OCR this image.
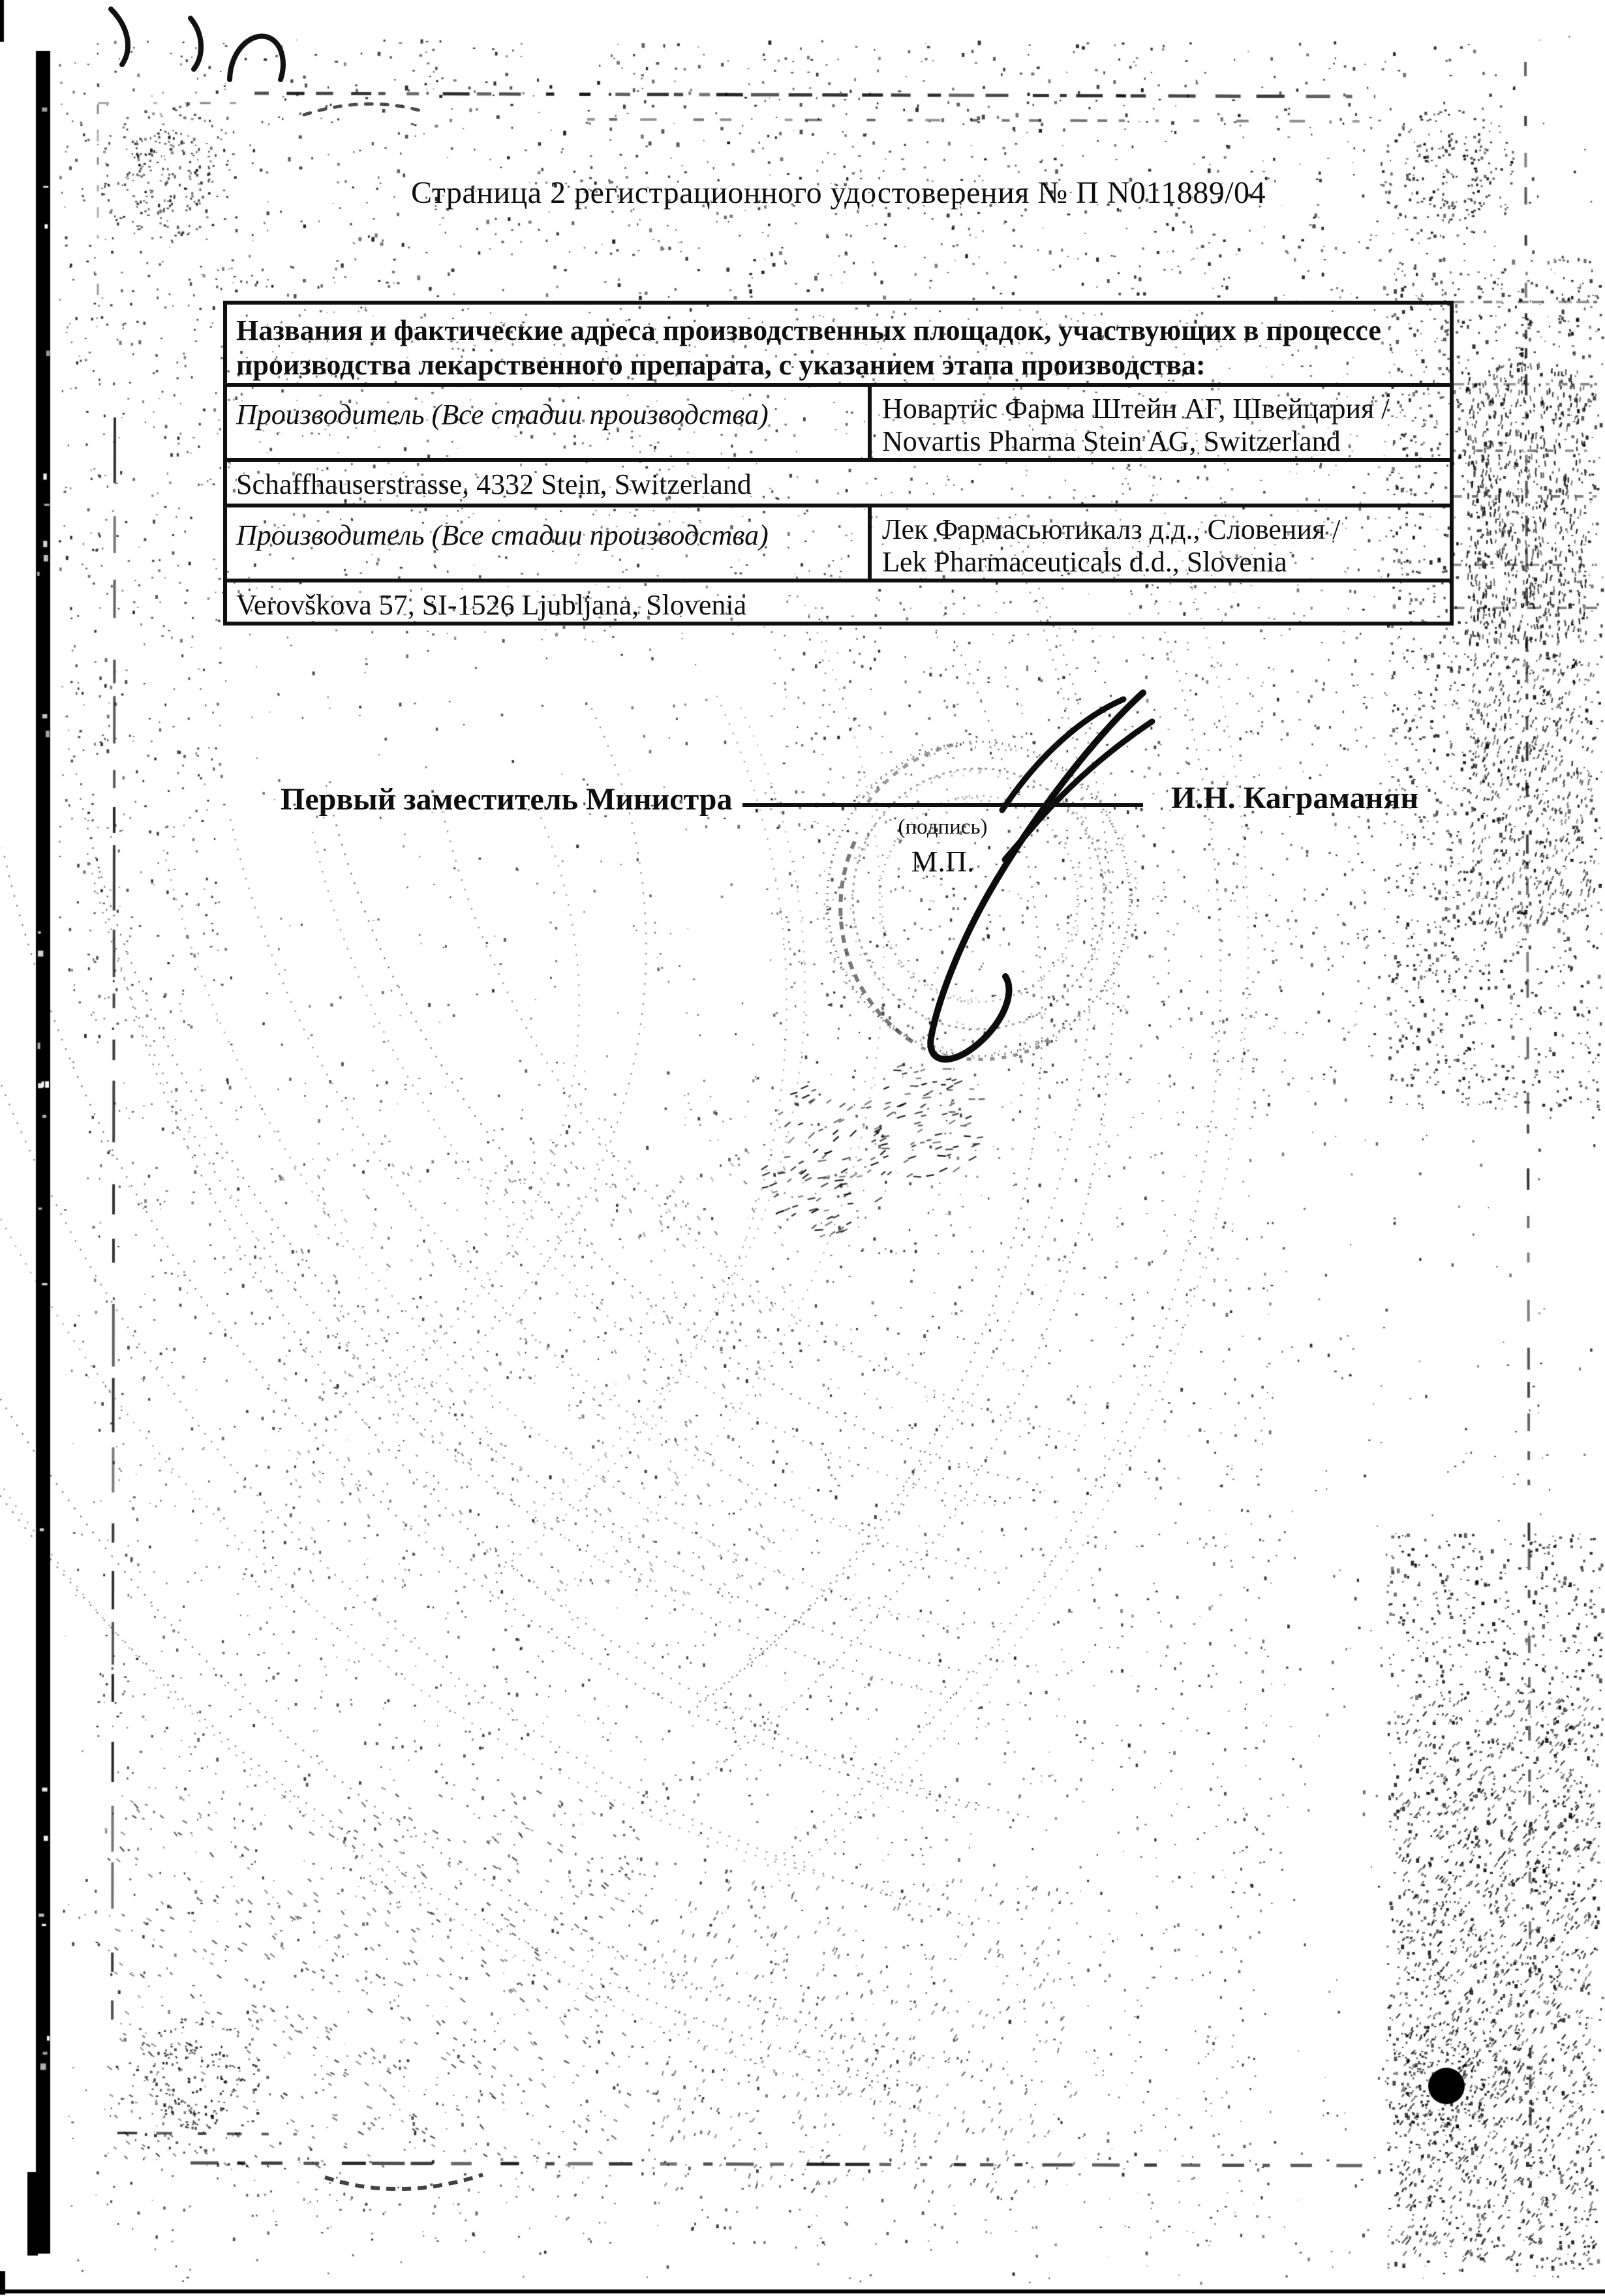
Страница 2 регистрационного удостоверения № П N011889/04
Названия и фактические адреса производственных площадок, участвующих в процессе производства лекарственного препарата, с указанием этапа производства:	
Производитель (Все стадии производства)	Новартис Фарма Штейн АГ, Швейцария /
Novartis Pharma Stein AG, Switzerland

Schaffhauserstrasse, 4332 Stein, Switzerland	
Производитель (Все стадии производства)	Лек Фармасьютикалз д.д., Словения /
Lek Pharmaceuticals d.d., Slovenia

Verovškova 57, SI-1526 Ljubljana, Slovenia	
Первый заместитель Министра
(подпись)
М.П.
И.Н. Каграманян
